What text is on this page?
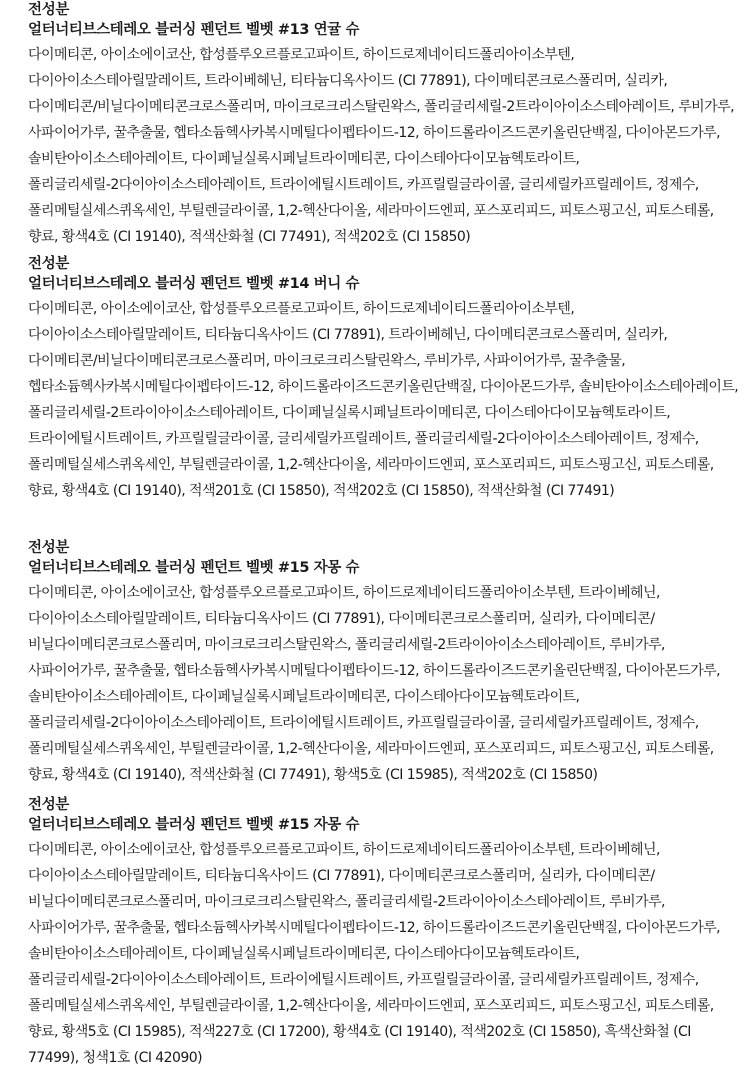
전성분

얼터너티브스테레오 블러싱 펜던트 벨벳 #13 연귤 슈

다이메티콘, 아이소에이코산, 합성플루오르플로고파이트, 하이드로제네이티드폴리아이소부텐, 다이아이소스테아릴말레이트, 트라이베헤닌, 티타늄디옥사이드 (CI 77891), 다이메티콘크로스폴리머, 실리카, 다이메티콘/비닐다이메티콘크로스폴리머, 마이크로크리스탈린왁스, 폴리글리세릴-2트라이아이소스테아레이트, 루비가루, 사파이어가루, 꿀추출물, 헵타소듐헥사카복시메틸다이펩타이드-12, 하이드롤라이즈드콘키올린단백질, 다이아몬드가루, 솔비탄아이소스테아레이트, 다이페닐실록시페닐트라이메티콘, 다이스테아다이모늄헥토라이트, 폴리글리세릴-2다이아이소스테아레이트, 트라이에틸시트레이트, 카프릴릴글라이콜, 글리세릴카프릴레이트, 정제수, 폴리메틸실세스퀴옥세인, 부틸렌글라이콜, 1,2-헥산다이올, 세라마이드엔피, 포스포리피드, 피토스핑고신, 피토스테롤, 향료, 황색4호 (CI 19140), 적색산화철 (CI 77491), 적색202호 (CI 15850)

전성분

얼터너티브스테레오 블러싱 펜던트 벨벳 #14 버니 슈

다이메티콘, 아이소에이코산, 합성플루오르플로고파이트, 하이드로제네이티드폴리아이소부텐, 다이아이소스테아릴말레이트, 티타늄디옥사이드 (CI 77891), 트라이베헤닌, 다이메티콘크로스폴리머, 실리카, 다이메티콘/비닐다이메티콘크로스폴리머, 마이크로크리스탈린왁스, 루비가루, 사파이어가루, 꿀추출물, 헵타소듐헥사카복시메틸다이펩타이드-12, 하이드롤라이즈드콘키올린단백질, 다이아몬드가루, 솔비탄아이소스테아레이트, 폴리글리세릴-2트라이아이소스테아레이트, 다이페닐실록시페닐트라이메티콘, 다이스테아다이모늄헥토라이트, 트라이에틸시트레이트, 카프릴릴글라이콜, 글리세릴카프릴레이트, 폴리글리세릴-2다이아이소스테아레이트, 정제수, 폴리메틸실세스퀴옥세인, 부틸렌글라이콜, 1,2-헥산다이올, 세라마이드엔피, 포스포리피드, 피토스핑고신, 피토스테롤, 향료, 황색4호 (CI 19140), 적색201호 (CI 15850), 적색202호 (CI 15850), 적색산화철 (CI 77491)

전성분

얼터너티브스테레오 블러싱 펜던트 벨벳 #15 자몽 슈

다이메티콘, 아이소에이코산, 합성플루오르플로고파이트, 하이드로제네이티드폴리아이소부텐, 트라이베헤닌, 다이아이소스테아릴말레이트, 티타늄디옥사이드 (CI 77891), 다이메티콘크로스폴리머, 실리카, 다이메티콘/비닐다이메티콘크로스폴리머, 마이크로크리스탈린왁스, 폴리글리세릴-2트라이아이소스테아레이트, 루비가루, 사파이어가루, 꿀추출물, 헵타소듐헥사카복시메틸다이펩타이드-12, 하이드롤라이즈드콘키올린단백질, 다이아몬드가루, 솔비탄아이소스테아레이트, 다이페닐실록시페닐트라이메티콘, 다이스테아다이모늄헥토라이트, 폴리글리세릴-2다이아이소스테아레이트, 트라이에틸시트레이트, 카프릴릴글라이콜, 글리세릴카프릴레이트, 정제수, 폴리메틸실세스퀴옥세인, 부틸렌글라이콜, 1,2-헥산다이올, 세라마이드엔피, 포스포리피드, 피토스핑고신, 피토스테롤, 향료, 황색4호 (CI 19140), 적색산화철 (CI 77491), 황색5호 (CI 15985), 적색202호 (CI 15850)

전성분

얼터너티브스테레오 블러싱 펜던트 벨벳 #15 자몽 슈

다이메티콘, 아이소에이코산, 합성플루오르플로고파이트, 하이드로제네이티드폴리아이소부텐, 트라이베헤닌, 다이아이소스테아릴말레이트, 티타늄디옥사이드 (CI 77891), 다이메티콘크로스폴리머, 실리카, 다이메티콘/비닐다이메티콘크로스폴리머, 마이크로크리스탈린왁스, 폴리글리세릴-2트라이아이소스테아레이트, 루비가루, 사파이어가루, 꿀추출물, 헵타소듐헥사카복시메틸다이펩타이드-12, 하이드롤라이즈드콘키올린단백질, 다이아몬드가루, 솔비탄아이소스테아레이트, 다이페닐실록시페닐트라이메티콘, 다이스테아다이모늄헥토라이트, 폴리글리세릴-2다이아이소스테아레이트, 트라이에틸시트레이트, 카프릴릴글라이콜, 글리세릴카프릴레이트, 정제수, 폴리메틸실세스퀴옥세인, 부틸렌글라이콜, 1,2-헥산다이올, 세라마이드엔피, 포스포리피드, 피토스핑고신, 피토스테롤, 향료, 황색5호 (CI 15985), 적색227호 (CI 17200), 황색4호 (CI 19140), 적색202호 (CI 15850), 흑색산화철 (CI 77499), 청색1호 (CI 42090)
